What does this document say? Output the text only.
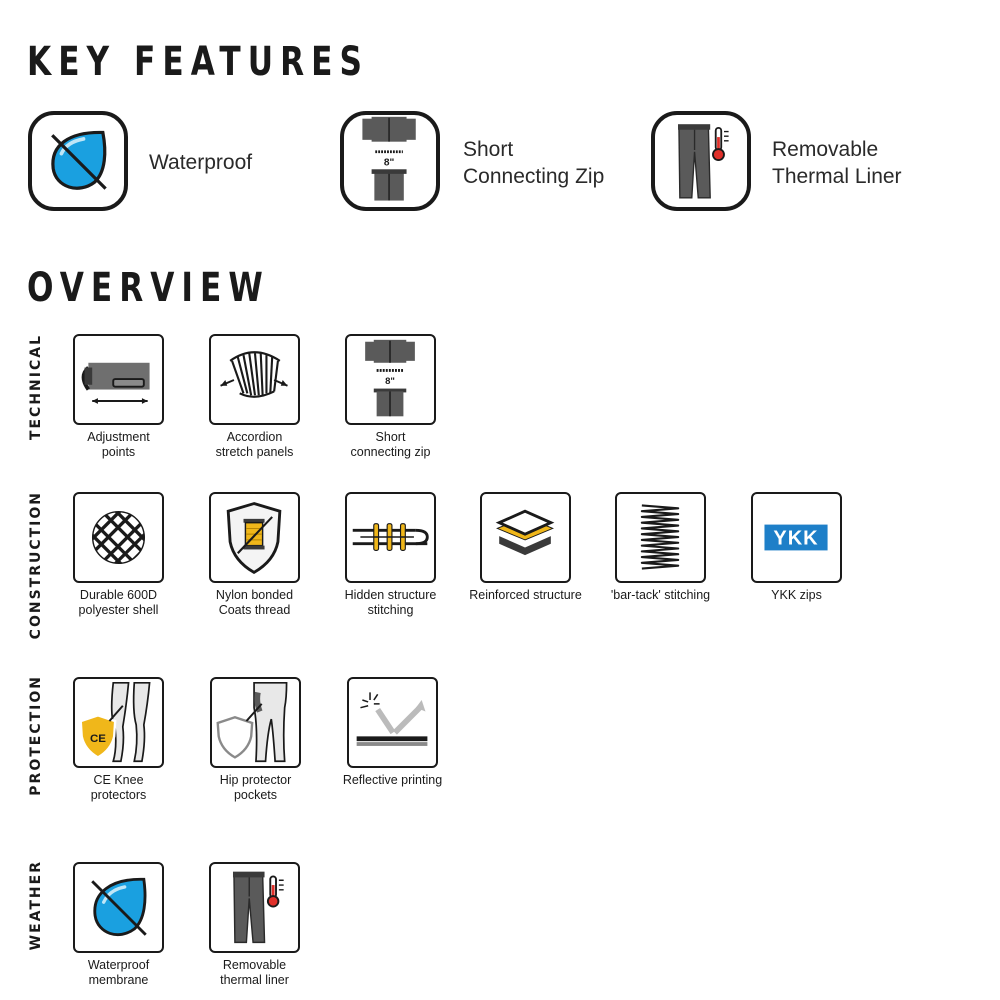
KEY FEATURES
Waterproof	8"
Short
Connecting Zip
Removable
Thermal Liner
OVERVIEW
TECHNICAL
CONSTRUCTION
PROTECTION
WEATHER
Adjustment
points
Accordion
stretch panels
8"
Short
connecting zip
Durable 600D
polyester shell
Nylon bonded
Coats thread
Hidden structure
stitching
Reinforced structure	'bar-tack' stitching
YKK
YKK zips
CE
CE Knee
protectors
Hip protector
pockets
Reflective printing
Waterproof
membrane
Removable
thermal liner
